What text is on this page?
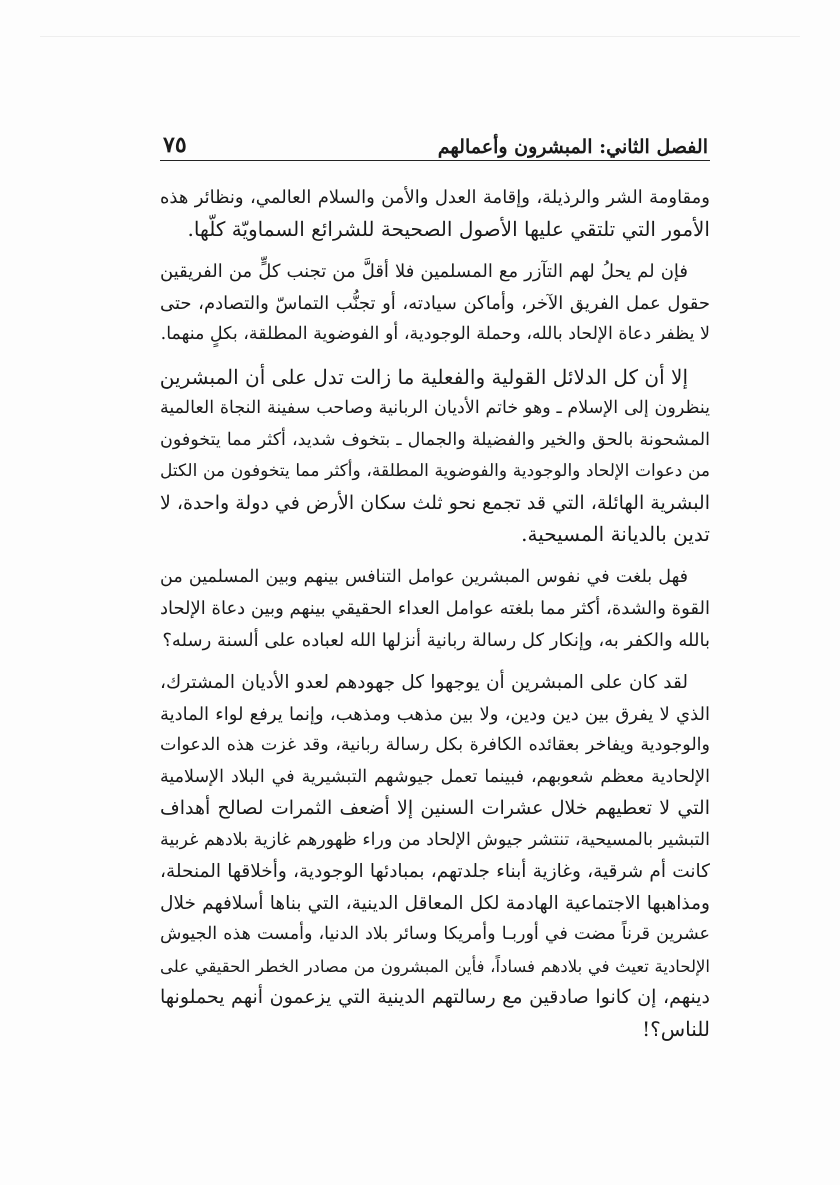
الفصل الثاني: المبشرون وأعمالهم
٧٥
ومقاومة الشر والرذيلة، وإقامة العدل والأمن والسلام العالمي، ونظائر هذه
الأمور التي تلتقي عليها الأصول الصحيحة للشرائع السماويّة كلّها.
فإن لم يحلُ لهم التآزر مع المسلمين فلا أقلَّ من تجنب كلٍّ من الفريقين
حقول عمل الفريق الآخر، وأماكن سيادته، أو تجنُّب التماسّ والتصادم، حتى
لا يظفر دعاة الإلحاد بالله، وحملة الوجودية، أو الفوضوية المطلقة، بكلٍ منهما.
إلا أن كل الدلائل القولية والفعلية ما زالت تدل على أن المبشرين
ينظرون إلى الإسلام ـ وهو خاتم الأديان الربانية وصاحب سفينة النجاة العالمية
المشحونة بالحق والخير والفضيلة والجمال ـ بتخوف شديد، أكثر مما يتخوفون
من دعوات الإلحاد والوجودية والفوضوية المطلقة، وأكثر مما يتخوفون من الكتل
البشرية الهائلة، التي قد تجمع نحو ثلث سكان الأرض في دولة واحدة، لا
تدين بالديانة المسيحية.
فهل بلغت في نفوس المبشرين عوامل التنافس بينهم وبين المسلمين من
القوة والشدة، أكثر مما بلغته عوامل العداء الحقيقي بينهم وبين دعاة الإلحاد
بالله والكفر به، وإنكار كل رسالة ربانية أنزلها الله لعباده على ألسنة رسله؟
لقد كان على المبشرين أن يوجهوا كل جهودهم لعدو الأديان المشترك،
الذي لا يفرق بين دين ودين، ولا بين مذهب ومذهب، وإنما يرفع لواء المادية
والوجودية ويفاخر بعقائده الكافرة بكل رسالة ربانية، وقد غزت هذه الدعوات
الإلحادية معظم شعوبهم، فبينما تعمل جيوشهم التبشيرية في البلاد الإسلامية
التي لا تعطيهم خلال عشرات السنين إلا أضعف الثمرات لصالح أهداف
التبشير بالمسيحية، تنتشر جيوش الإلحاد من وراء ظهورهم غازية بلادهم غربية
كانت أم شرقية، وغازية أبناء جلدتهم، بمبادئها الوجودية، وأخلاقها المنحلة،
ومذاهبها الاجتماعية الهادمة لكل المعاقل الدينية، التي بناها أسلافهم خلال
عشرين قرناً مضت في أوربـا وأمريكا وسائر بلاد الدنيا، وأمست هذه الجيوش
الإلحادية تعيث في بلادهم فساداً، فأين المبشرون من مصادر الخطر الحقيقي على
دينهم، إن كانوا صادقين مع رسالتهم الدينية التي يزعمون أنهم يحملونها
للناس؟!
